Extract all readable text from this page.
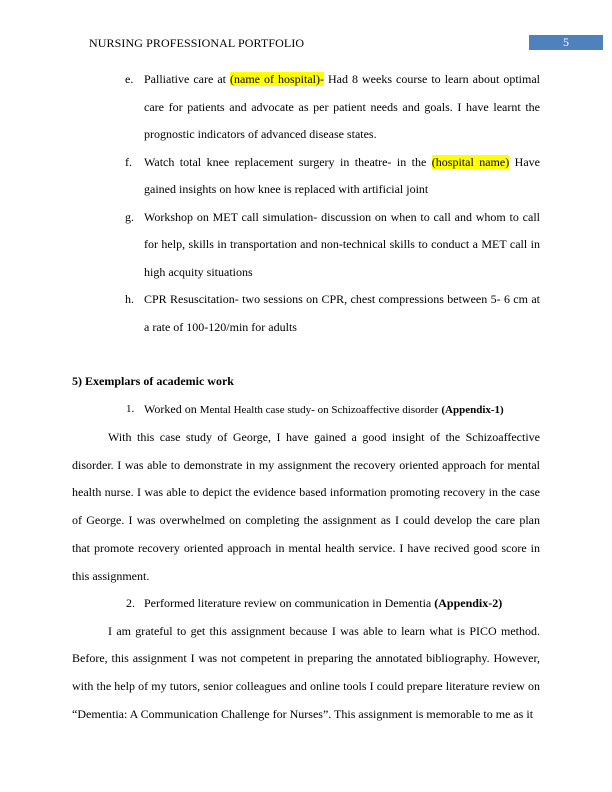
NURSING PROFESSIONAL PORTFOLIO	5
e. Palliative care at (name of hospital)- Had 8 weeks course to learn about optimal care for patients and advocate as per patient needs and goals. I have learnt the prognostic indicators of advanced disease states.
f. Watch total knee replacement surgery in theatre- in the (hospital name) Have gained insights on how knee is replaced with artificial joint
g. Workshop on MET call simulation- discussion on when to call and whom to call for help, skills in transportation and non-technical skills to conduct a MET call in high acquity situations
h. CPR Resuscitation- two sessions on CPR, chest compressions between 5- 6 cm at a rate of 100-120/min for adults
5) Exemplars of academic work
1. Worked on Mental Health case study- on Schizoaffective disorder (Appendix-1)
With this case study of George, I have gained a good insight of the Schizoaffective disorder. I was able to demonstrate in my assignment the recovery oriented approach for mental health nurse. I was able to depict the evidence based information promoting recovery in the case of George. I was overwhelmed on completing the assignment as I could develop the care plan that promote recovery oriented approach in mental health service. I have recived good score in this assignment.
2. Performed literature review on communication in Dementia (Appendix-2)
I am grateful to get this assignment because I was able to learn what is PICO method. Before, this assignment I was not competent in preparing the annotated bibliography. However, with the help of my tutors, senior colleagues and online tools I could prepare literature review on “Dementia: A Communication Challenge for Nurses”. This assignment is memorable to me as it
